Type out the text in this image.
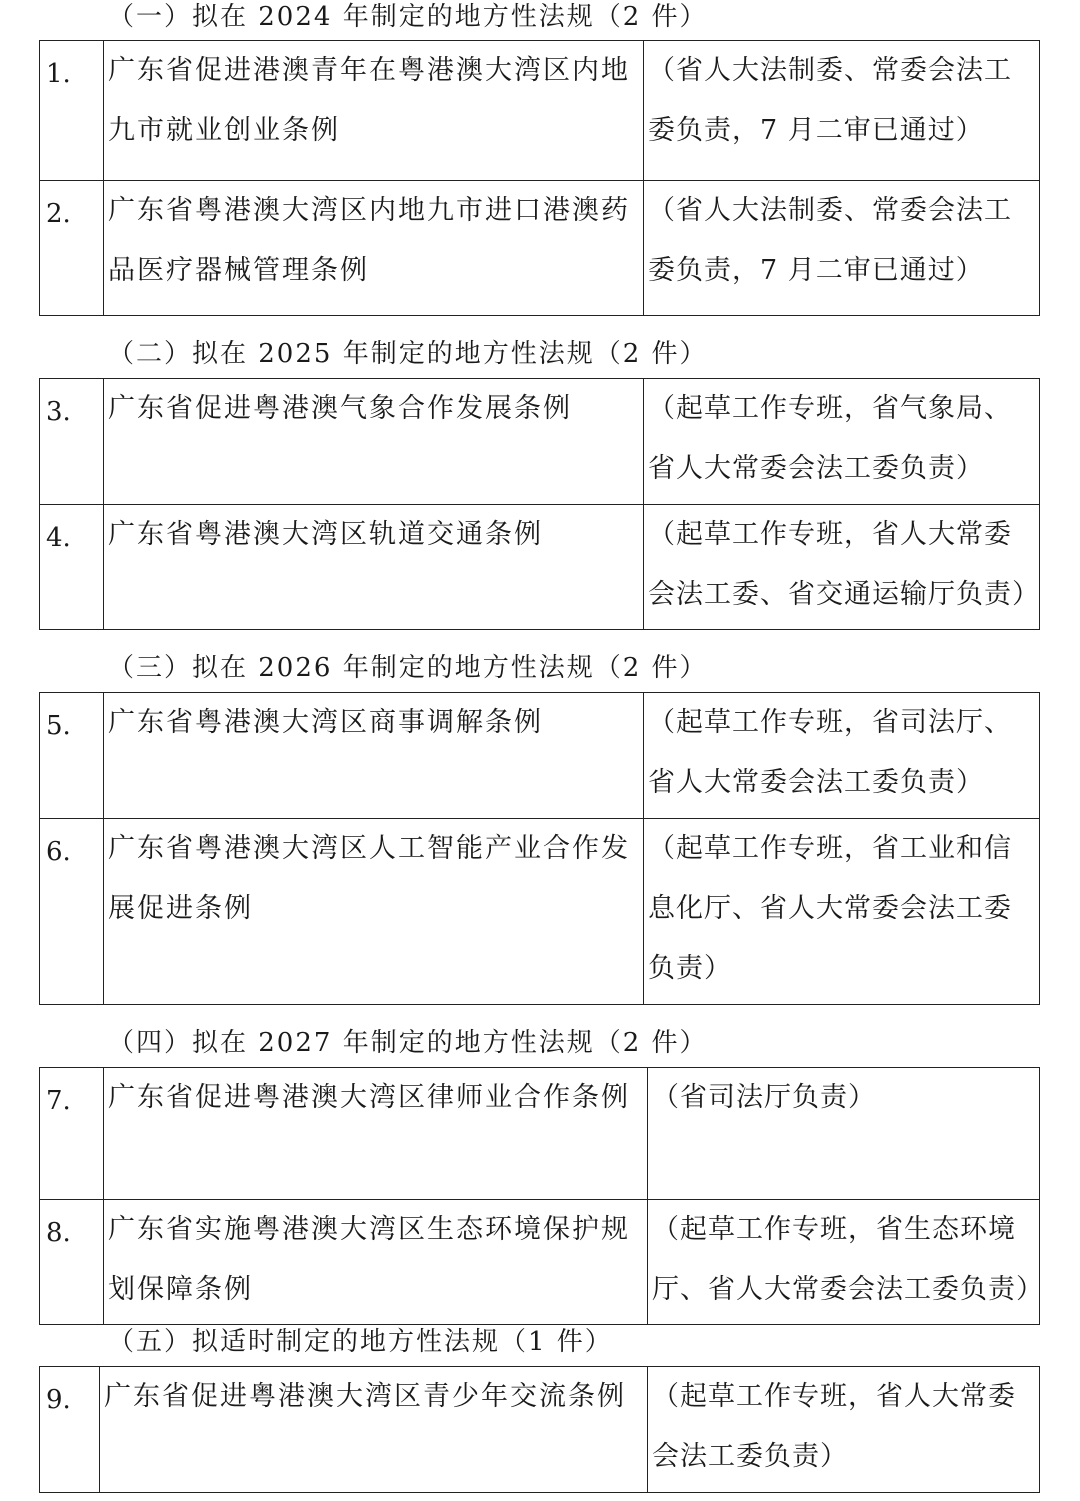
（一）拟在 2024 年制定的地方性法规（2 件）
1.	广东省促进港澳青年在粤港澳大湾区内地九市就业创业条例	（省人大法制委、常委会法工委负责，7 月二审已通过）
2.	广东省粤港澳大湾区内地九市进口港澳药品医疗器械管理条例	（省人大法制委、常委会法工委负责，7 月二审已通过）
（二）拟在 2025 年制定的地方性法规（2 件）
3.	广东省促进粤港澳气象合作发展条例	（起草工作专班，省气象局、省人大常委会法工委负责）
4.	广东省粤港澳大湾区轨道交通条例	（起草工作专班，省人大常委会法工委、省交通运输厅负责）
（三）拟在 2026 年制定的地方性法规（2 件）
5.	广东省粤港澳大湾区商事调解条例	（起草工作专班，省司法厅、省人大常委会法工委负责）
6.	广东省粤港澳大湾区人工智能产业合作发展促进条例	（起草工作专班，省工业和信息化厅、省人大常委会法工委负责）
（四）拟在 2027 年制定的地方性法规（2 件）
7.	广东省促进粤港澳大湾区律师业合作条例	（省司法厅负责）
8.	广东省实施粤港澳大湾区生态环境保护规划保障条例	（起草工作专班，省生态环境厅、省人大常委会法工委负责）
（五）拟适时制定的地方性法规（1 件）
9.	广东省促进粤港澳大湾区青少年交流条例	（起草工作专班，省人大常委会法工委负责）
